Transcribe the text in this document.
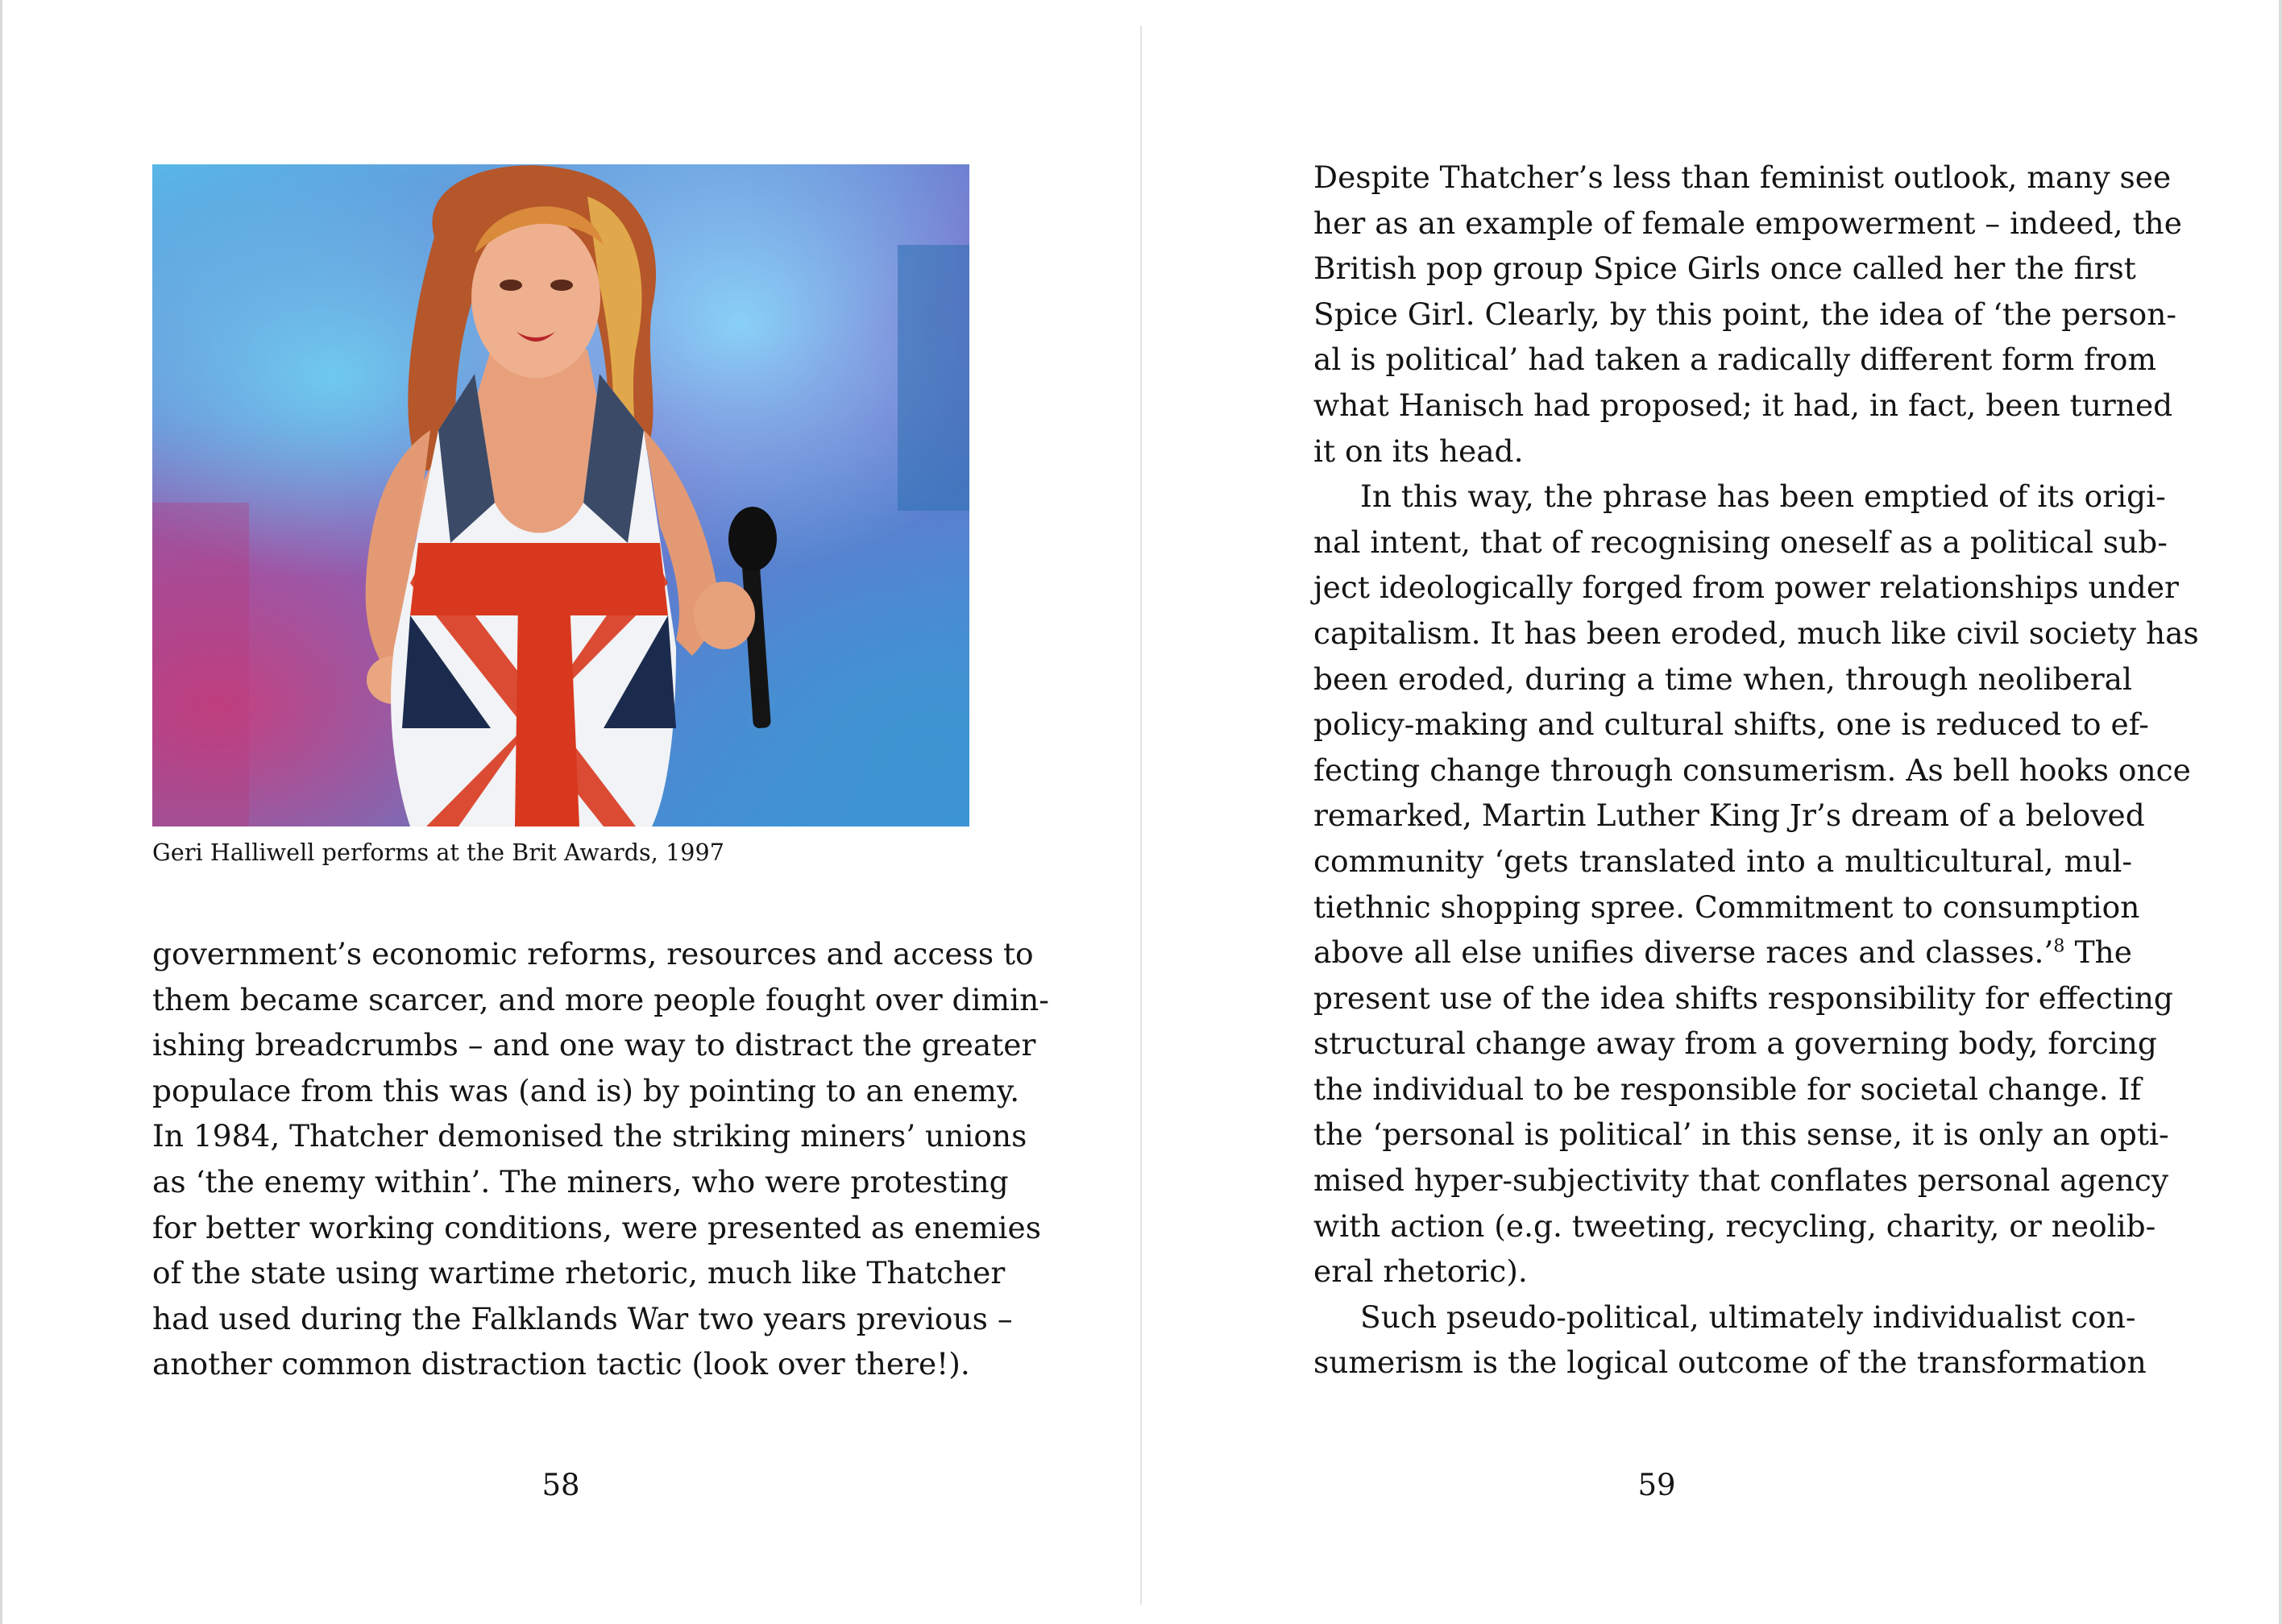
Geri Halliwell performs at the Brit Awards, 1997
government’s economic reforms, resources and access to
them became scarcer, and more people fought over dimin-
ishing breadcrumbs – and one way to distract the greater
populace from this was (and is) by pointing to an enemy.
In 1984, Thatcher demonised the striking miners’ unions
as ‘the enemy within’. The miners, who were protesting
for better working conditions, were presented as enemies
of the state using wartime rhetoric, much like Thatcher
had used during the Falklands War two years previous –
another common distraction tactic (look over there!).
58
Despite Thatcher’s less than feminist outlook, many see
her as an example of female empowerment – indeed, the
British pop group Spice Girls once called her the first
Spice Girl. Clearly, by this point, the idea of ‘the person-
al is political’ had taken a radically different form from
what Hanisch had proposed; it had, in fact, been turned
it on its head.
In this way, the phrase has been emptied of its origi-
nal intent, that of recognising oneself as a political sub-
ject ideologically forged from power relationships under
capitalism. It has been eroded, much like civil society has
been eroded, during a time when, through neoliberal
policy-making and cultural shifts, one is reduced to ef-
fecting change through consumerism. As bell hooks once
remarked, Martin Luther King Jr’s dream of a beloved
community ‘gets translated into a multicultural, mul-
tiethnic shopping spree. Commitment to consumption
above all else unifies diverse races and classes.’$^8$ The
present use of the idea shifts responsibility for effecting
structural change away from a governing body, forcing
the individual to be responsible for societal change. If
the ‘personal is political’ in this sense, it is only an opti-
mised hyper-subjectivity that conflates personal agency
with action (e.g. tweeting, recycling, charity, or neolib-
eral rhetoric).
Such pseudo-political, ultimately individualist con-
sumerism is the logical outcome of the transformation
59
